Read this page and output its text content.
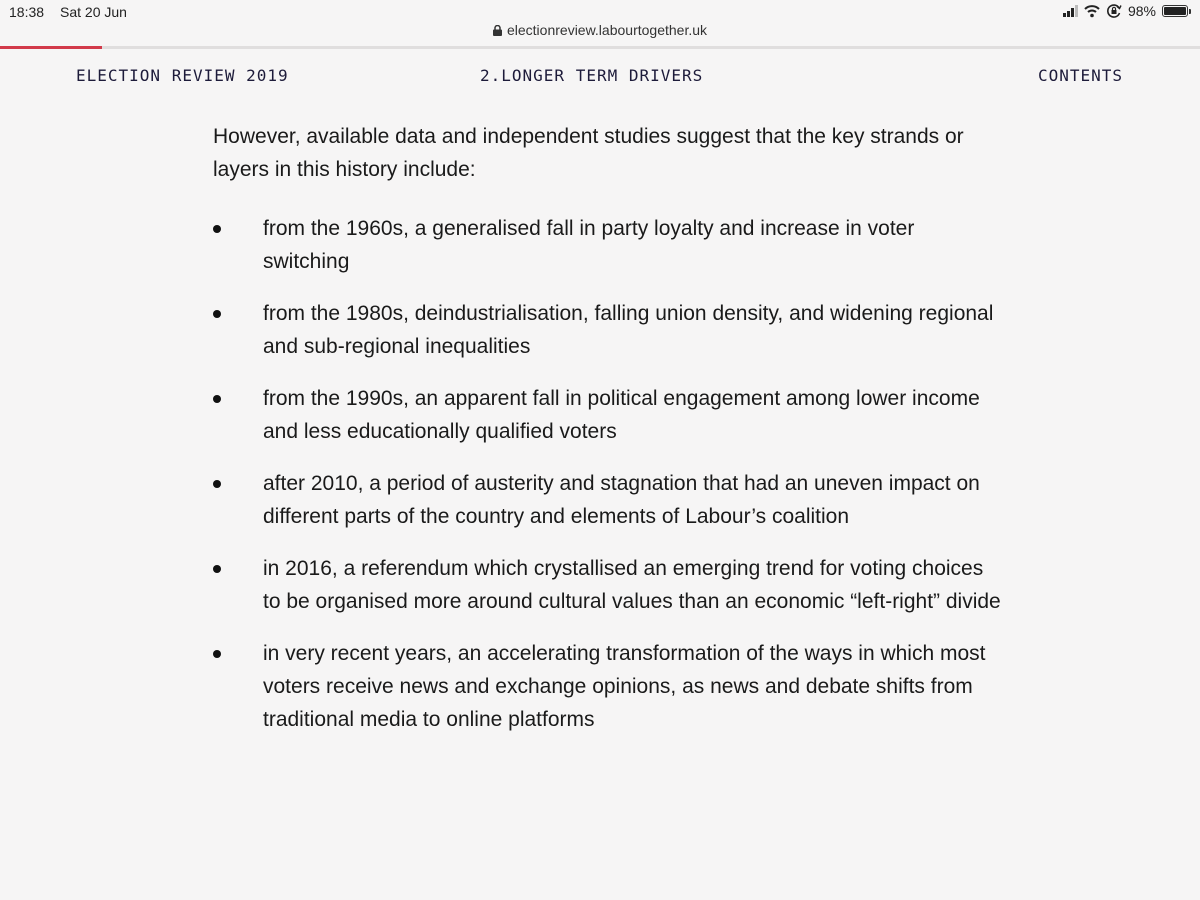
18:38 Sat 20 Jun	98%
electionreview.labourtogether.uk
ELECTION REVIEW 2019	2.LONGER TERM DRIVERS	CONTENTS

However, available data and independent studies suggest that the key strands or layers in this history include:

from the 1960s, a generalised fall in party loyalty and increase in voter switching
from the 1980s, deindustrialisation, falling union density, and widening regional and sub-regional inequalities
from the 1990s, an apparent fall in political engagement among lower income and less educationally qualified voters
after 2010, a period of austerity and stagnation that had an uneven impact on different parts of the country and elements of Labour’s coalition
in 2016, a referendum which crystallised an emerging trend for voting choices to be organised more around cultural values than an economic “left-right” divide
in very recent years, an accelerating transformation of the ways in which most voters receive news and exchange opinions, as news and debate shifts from traditional media to online platforms
